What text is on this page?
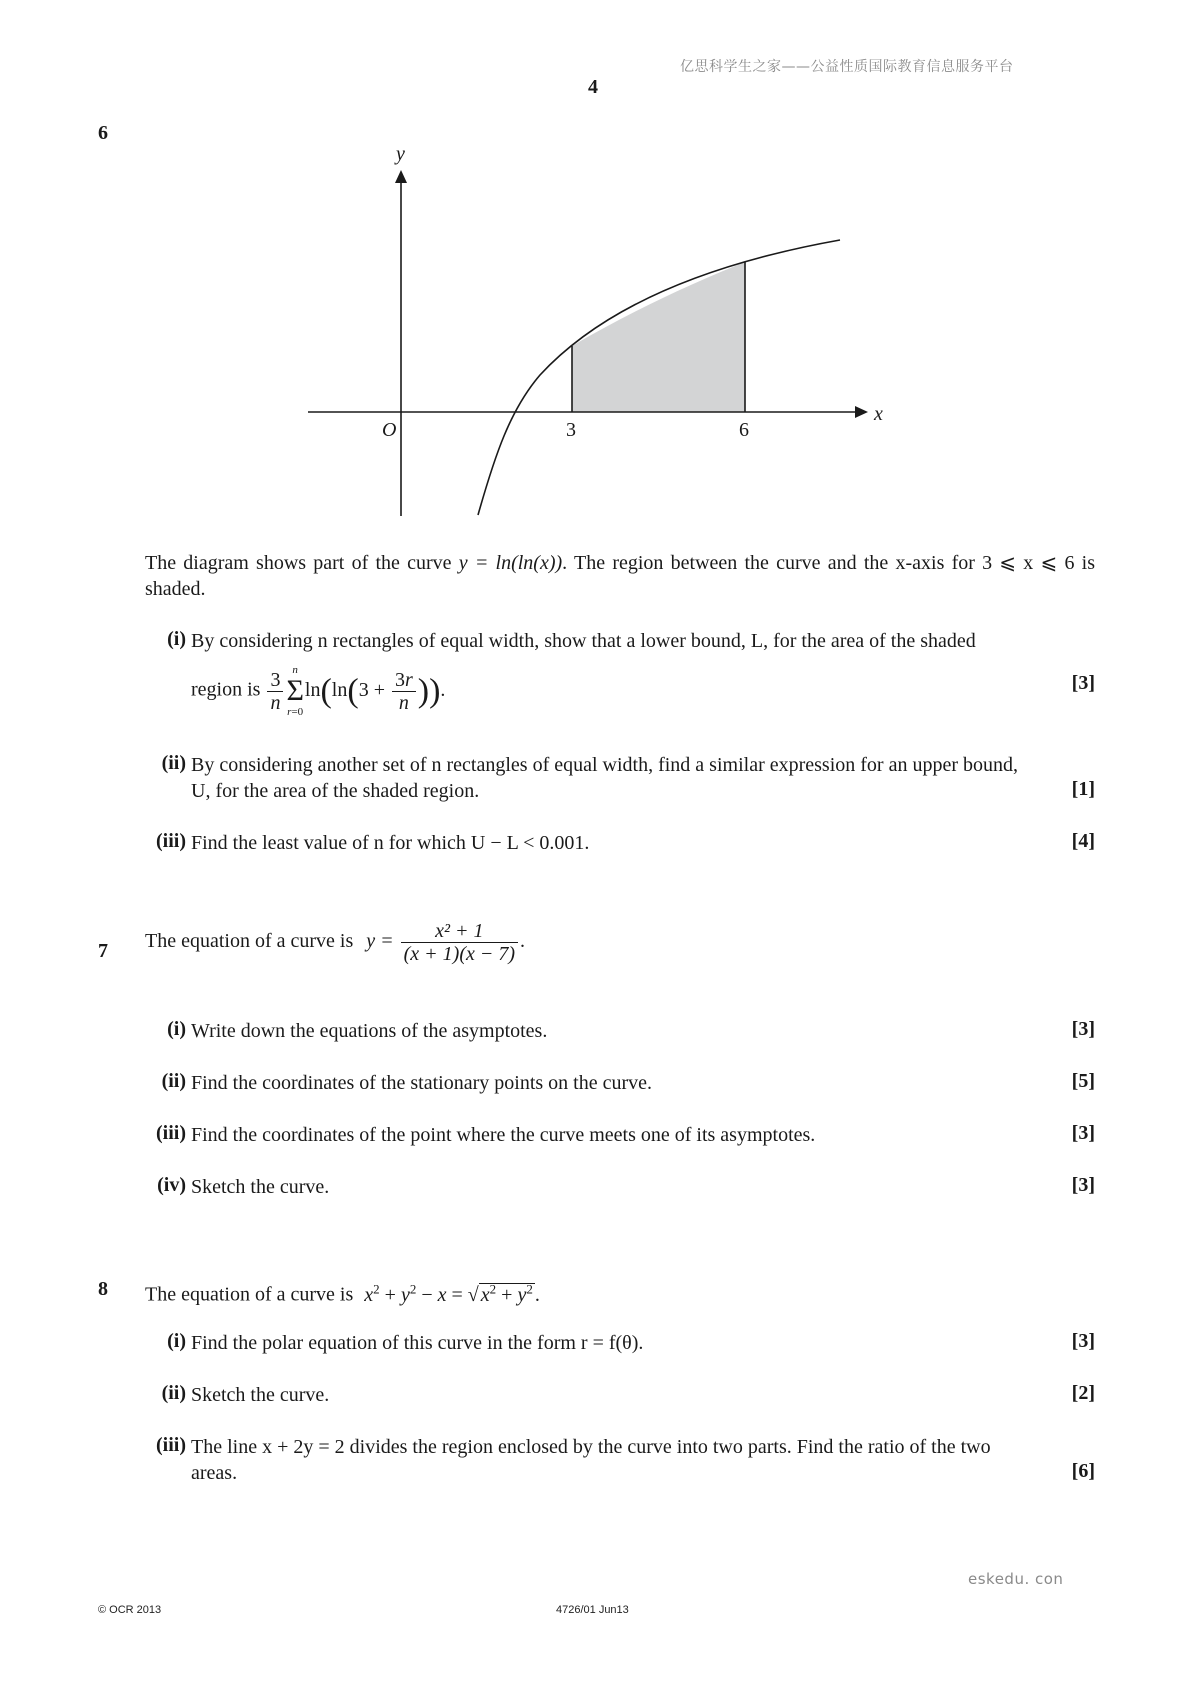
亿思科学生之家——公益性质国际教育信息服务平台
4
6
y
x
O	3	6
The diagram shows part of the curve y = ln(ln(x)). The region between the curve and the x-axis for 3 ⩽ x ⩽ 6 is shaded.
(i) By considering n rectangles of equal width, show that a lower bound, L, for the area of the shaded
region is $\frac{3}{n}$ n
Σ
r=0
$\ln(\ln(3 + \frac{3r}{n}$ )).	[3]
(ii) By considering another set of n rectangles of equal width, find a similar expression for an upper bound,
U, for the area of the shaded region.	[1]
(iii) Find the least value of n for which U − L < 0.001.	[4]
7 The equation of a curve is $y = \frac{\text{x² + 1}}{(x + 1)(x - 7)}$ .
(i) Write down the equations of the asymptotes.	[3]
(ii) Find the coordinates of the stationary points on the curve.	[5]
(iii) Find the coordinates of the point where the curve meets one of its asymptotes.	[3]
(iv) Sketch the curve.	[3]
8 The equation of a curve is $x^2 + y^2 - x$ = √ $x^2 + y^2$ .
(i) Find the polar equation of this curve in the form r = f(θ).	[3]
(ii) Sketch the curve.	[2]
(iii) The line x + 2y = 2 divides the region enclosed by the curve into two parts. Find the ratio of the two
areas.	[6]
eskedu. con
© OCR 2013	4726/01 Jun13
